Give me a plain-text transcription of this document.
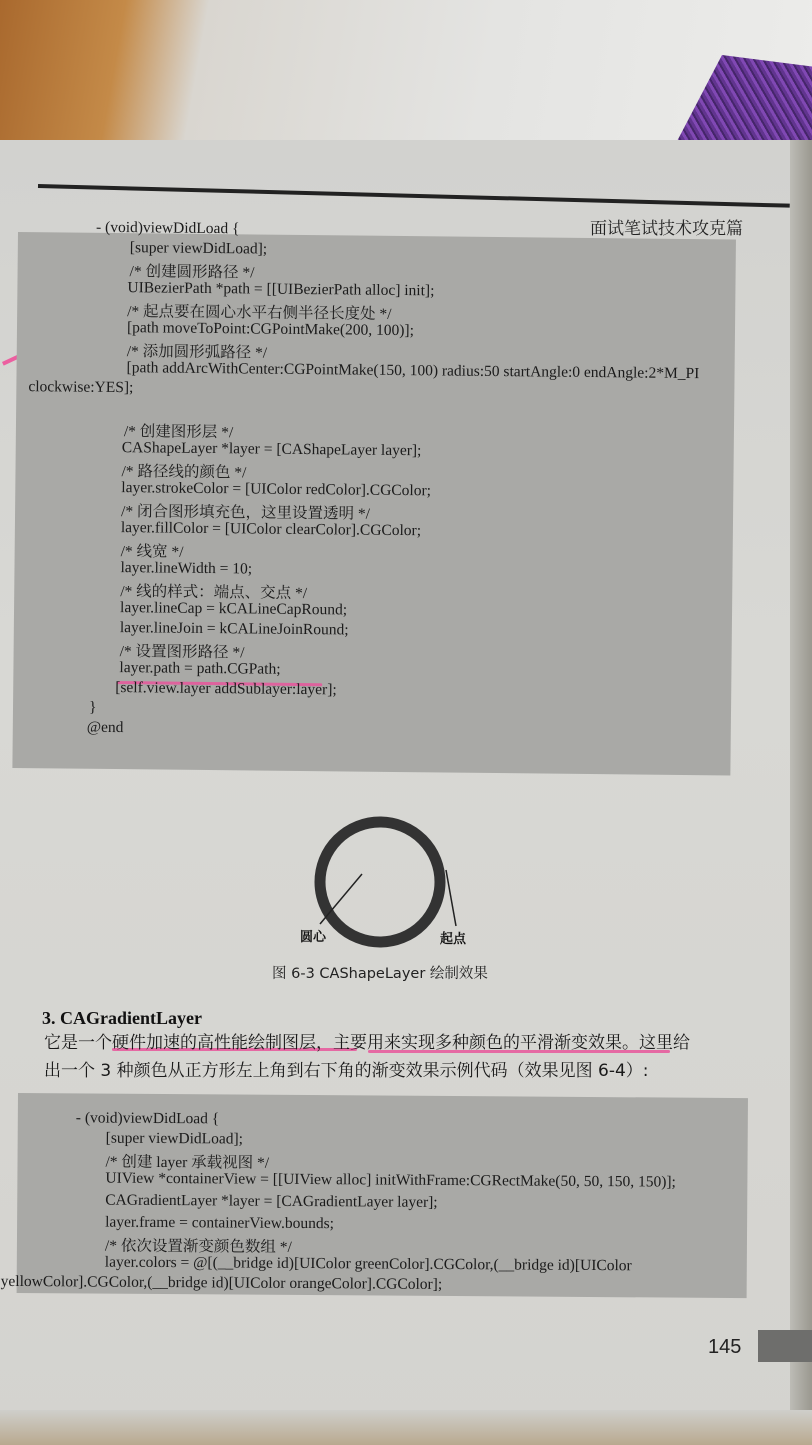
面试笔试技术攻克篇
- (void)viewDidLoad {
[super viewDidLoad];
/* 创建圆形路径 */
UIBezierPath *path = [[UIBezierPath alloc] init];
/* 起点要在圆心水平右侧半径长度处 */
[path moveToPoint:CGPointMake(200, 100)];
/* 添加圆形弧路径 */
[path addArcWithCenter:CGPointMake(150, 100) radius:50 startAngle:0 endAngle:2*M_PI
clockwise:YES];
/* 创建图形层 */
CAShapeLayer *layer = [CAShapeLayer layer];
/* 路径线的颜色 */
layer.strokeColor = [UIColor redColor].CGColor;
/* 闭合图形填充色，这里设置透明 */
layer.fillColor = [UIColor clearColor].CGColor;
/* 线宽 */
layer.lineWidth = 10;
/* 线的样式：端点、交点 */
layer.lineCap = kCALineCapRound;
layer.lineJoin = kCALineJoinRound;
/* 设置图形路径 */
layer.path = path.CGPath;
[self.view.layer addSublayer:layer];
}
@end
圆心	起点
图 6-3 CAShapeLayer 绘制效果
3. CAGradientLayer
它是一个硬件加速的高性能绘制图层，主要用来实现多种颜色的平滑渐变效果。这里给
出一个 3 种颜色从正方形左上角到右下角的渐变效果示例代码（效果见图 6-4）:
- (void)viewDidLoad {
[super viewDidLoad];
/* 创建 layer 承载视图 */
UIView *containerView = [[UIView alloc] initWithFrame:CGRectMake(50, 50, 150, 150)];
CAGradientLayer *layer = [CAGradientLayer layer];
layer.frame = containerView.bounds;
/* 依次设置渐变颜色数组 */
layer.colors = @[(__bridge id)[UIColor greenColor].CGColor,(__bridge id)[UIColor
yellowColor].CGColor,(__bridge id)[UIColor orangeColor].CGColor];
145
